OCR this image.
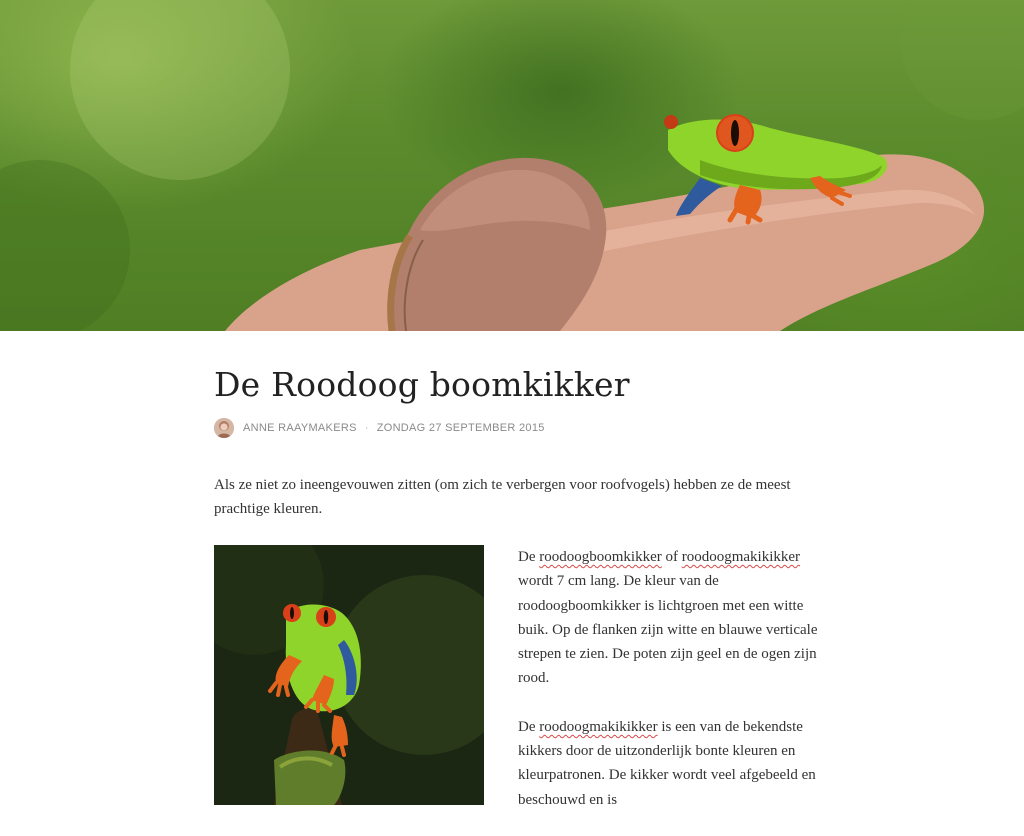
De Roodoog boomkikker
ANNE RAAYMAKERS · ZONDAG 27 SEPTEMBER 2015

Als ze niet zo ineengevouwen zitten (om zich te verbergen voor roofvogels) hebben ze de meest prachtige kleuren.

De roodoogboomkikker of roodoogmakikikker wordt 7 cm lang. De kleur van de roodoogboomkikker is lichtgroen met een witte buik. Op de flanken zijn witte en blauwe verticale strepen te zien. De poten zijn geel en de ogen zijn rood.

De roodoogmakikikker is een van de bekendste kikkers door de uitzonderlijk bonte kleuren en kleurpatronen. De kikker wordt veel afgebeeld en beschouwd en is
